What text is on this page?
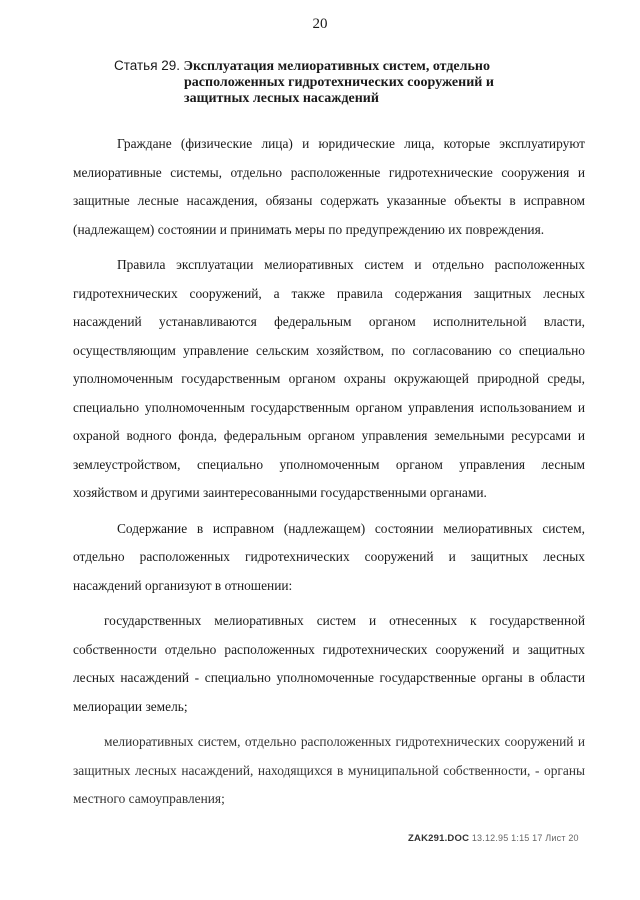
20
Статья 29. Эксплуатация мелиоративных систем, отдельно
расположенных гидротехнических сооружений и
защитных лесных насаждений

Граждане (физические лица) и юридические лица, которые эксплуатируют мелиоративные системы, отдельно расположенные гидротехнические сооружения и защитные лесные насаждения, обязаны содержать указанные объекты в исправном (надлежащем) состоянии и принимать меры по предупреждению их повреждения.

Правила эксплуатации мелиоративных систем и отдельно расположенных гидротехнических сооружений, а также правила содержания защитных лесных насаждений устанавливаются федеральным органом исполнительной власти, осуществляющим управление сельским хозяйством, по согласованию со специально уполномоченным государственным органом охраны окружающей природной среды, специально уполномоченным государственным органом управления использованием и охраной водного фонда, федеральным органом управления земельными ресурсами и землеустройством, специально уполномоченным органом управления лесным хозяйством и другими заинтересованными государственными органами.

Содержание в исправном (надлежащем) состоянии мелиоративных систем, отдельно расположенных гидротехнических сооружений и защитных лесных насаждений организуют в отношении:

государственных мелиоративных систем и отнесенных к государственной собственности отдельно расположенных гидротехнических сооружений и защитных лесных насаждений - специально уполномоченные государственные органы в области мелиорации земель;

мелиоративных систем, отдельно расположенных гидротехнических сооружений и защитных лесных насаждений, находящихся в муниципальной собственности, - органы местного самоуправления;

ZAK291.DOC 13.12.95 1:15 17 Лист 20
